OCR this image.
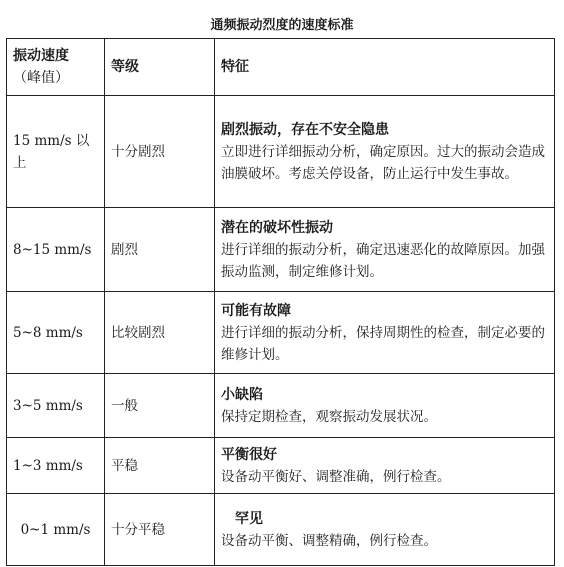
通频振动烈度的速度标准
振动速度
（峰值）	等级	特征
15 mm/s 以上	十分剧烈	剧烈振动，存在不安全隐患
立即进行详细振动分析，确定原因。过大的振动会造成油膜破坏。考虑关停设备，防止运行中发生事故。

8~15 mm/s	剧烈	潜在的破坏性振动
进行详细的振动分析，确定迅速恶化的故障原因。加强振动监测，制定维修计划。

5~8 mm/s	比较剧烈	可能有故障
进行详细的振动分析，保持周期性的检查，制定必要的维修计划。

3~5 mm/s	一般	小缺陷
保持定期检查，观察振动发展状况。

1~3 mm/s	平稳	平衡很好
设备动平衡好、调整准确，例行检查。

0~1 mm/s	十分平稳	罕见
设备动平衡、调整精确，例行检查。
